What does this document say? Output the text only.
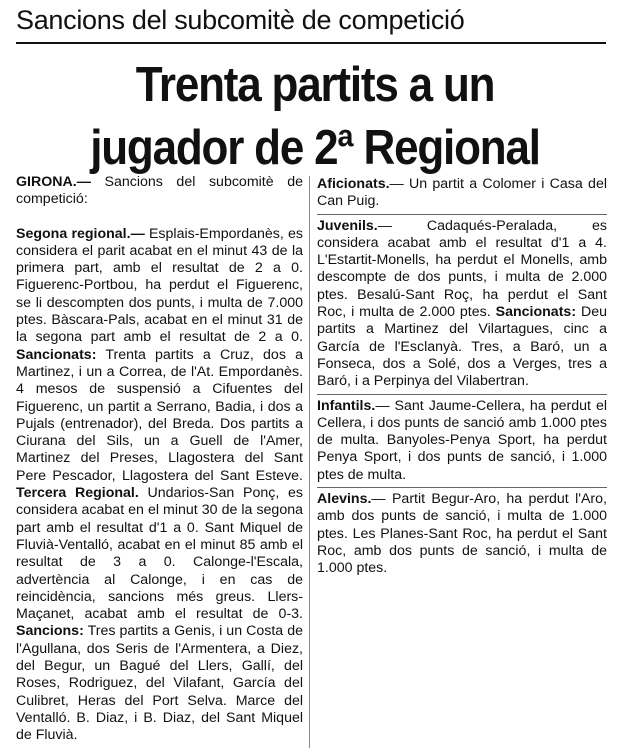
Sancions del subcomitè de competició
Trenta partits a un
jugador de 2ª Regional

GIRONA.— Sancions del subcomitè de competició:

Segona regional.— Esplais-Empordanès, es considera el parit acabat en el minut 43 de la primera part, amb el resultat de 2 a 0. Figuerenc-Portbou, ha perdut el Figuerenc, se li descompten dos punts, i multa de 7.000 ptes. Bàscara-Pals, acabat en el minut 31 de la segona part amb el resultat de 2 a 0. Sancionats: Trenta partits a Cruz, dos a Martinez, i un a Correa, de l'At. Empordanès. 4 mesos de suspensió a Cifuentes del Figuerenc, un partit a Serrano, Badia, i dos a Pujals (entrenador), del Breda. Dos partits a Ciurana del Sils, un a Guell de l'Amer, Martinez del Preses, Llagostera del Sant Pere Pescador, Llagostera del Sant Esteve. Tercera Regional. Undarios-San Ponç, es considera acabat en el minut 30 de la segona part amb el resultat d'1 a 0. Sant Miquel de Fluvià-Ventalló, acabat en el minut 85 amb el resultat de 3 a 0. Calonge-l'Escala, advertència al Calonge, i en cas de reincidència, sancions més greus. Llers-Maçanet, acabat amb el resultat de 0-3. Sancions: Tres partits a Genis, i un Costa de l'Agullana, dos Seris de l'Armentera, a Diez, del Begur, un Bagué del Llers, Gallí, del Roses, Rodriguez, del Vilafant, García del Culibret, Heras del Port Selva. Marce del Ventalló. B. Diaz, i B. Diaz, del Sant Miquel de Fluvià.

Aficionats.— Un partit a Colomer i Casa del Can Puig.

Juvenils.— Cadaqués-Peralada, es considera acabat amb el resultat d'1 a 4. L'Estartit-Monells, ha perdut el Monells, amb descompte de dos punts, i multa de 2.000 ptes. Besalú-Sant Roç, ha perdut el Sant Roc, i multa de 2.000 ptes. Sancionats: Deu partits a Martinez del Vilartagues, cinc a García de l'Esclanyà. Tres, a Baró, un a Fonseca, dos a Solé, dos a Verges, tres a Baró, i a Perpinya del Vilabertran.

Infantils.— Sant Jaume-Cellera, ha perdut el Cellera, i dos punts de sanció amb 1.000 ptes de multa. Banyoles-Penya Sport, ha perdut Penya Sport, i dos punts de sanció, i 1.000 ptes de multa.

Alevins.— Partit Begur-Aro, ha perdut l'Aro, amb dos punts de sanció, i multa de 1.000 ptes. Les Planes-Sant Roc, ha perdut el Sant Roc, amb dos punts de sanció, i multa de 1.000 ptes.
